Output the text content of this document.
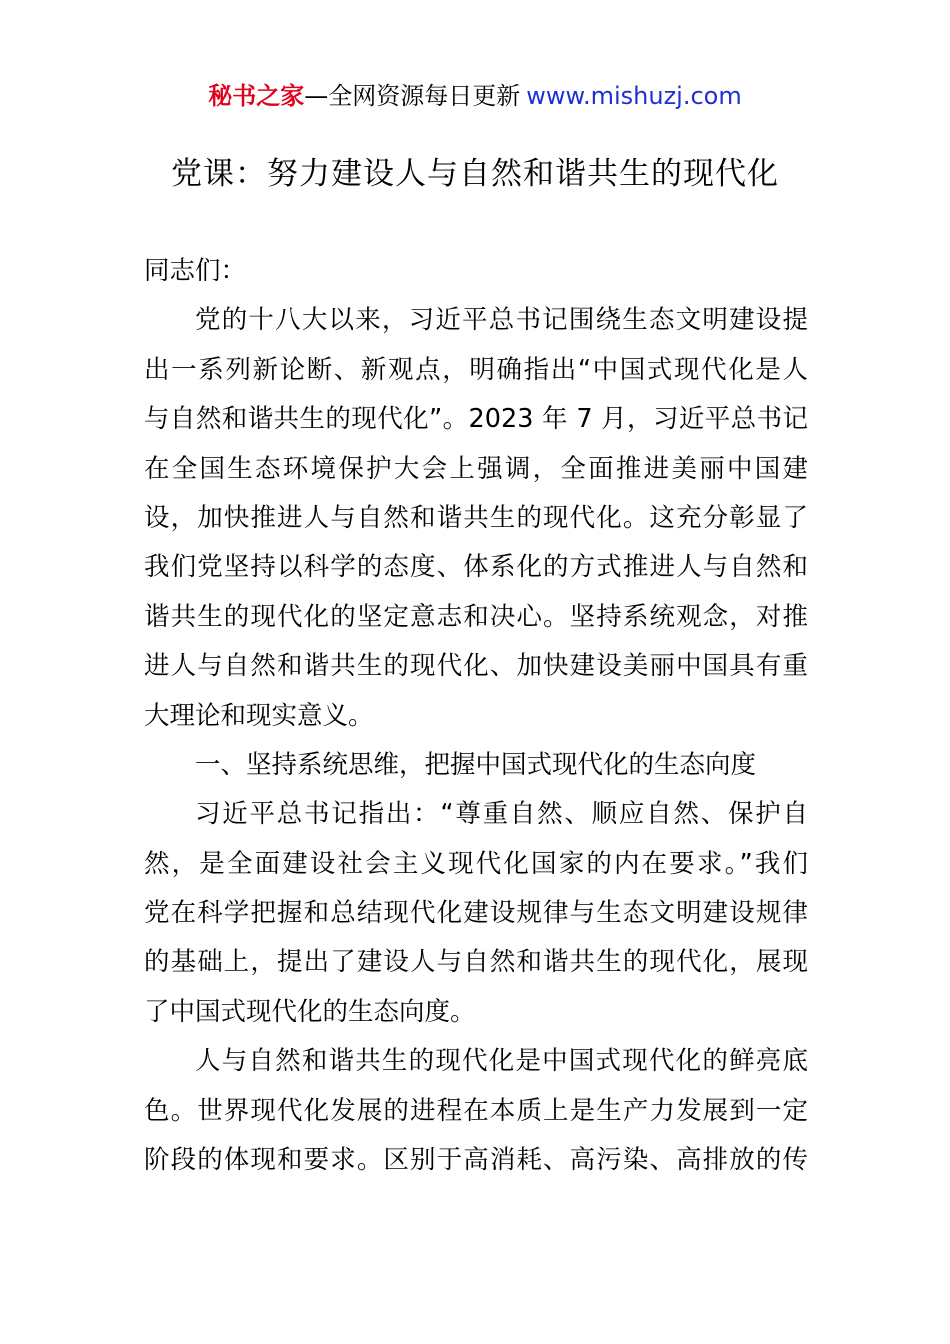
秘书之家—全网资源每日更新 www.mishuzj.com
党课：努力建设人与自然和谐共生的现代化
同志们：
党的十八大以来，习近平总书记围绕生态文明建设提
出一系列新论断、新观点，明确指出“中国式现代化是人
与自然和谐共生的现代化”。2023 年 7 月，习近平总书记
在全国生态环境保护大会上强调，全面推进美丽中国建
设，加快推进人与自然和谐共生的现代化。这充分彰显了
我们党坚持以科学的态度、体系化的方式推进人与自然和
谐共生的现代化的坚定意志和决心。坚持系统观念，对推
进人与自然和谐共生的现代化、加快建设美丽中国具有重
大理论和现实意义。
一、坚持系统思维，把握中国式现代化的生态向度
习近平总书记指出：“尊重自然、顺应自然、保护自
然，是全面建设社会主义现代化国家的内在要求。”我们
党在科学把握和总结现代化建设规律与生态文明建设规律
的基础上，提出了建设人与自然和谐共生的现代化，展现
了中国式现代化的生态向度。
人与自然和谐共生的现代化是中国式现代化的鲜亮底
色。世界现代化发展的进程在本质上是生产力发展到一定
阶段的体现和要求。区别于高消耗、高污染、高排放的传
